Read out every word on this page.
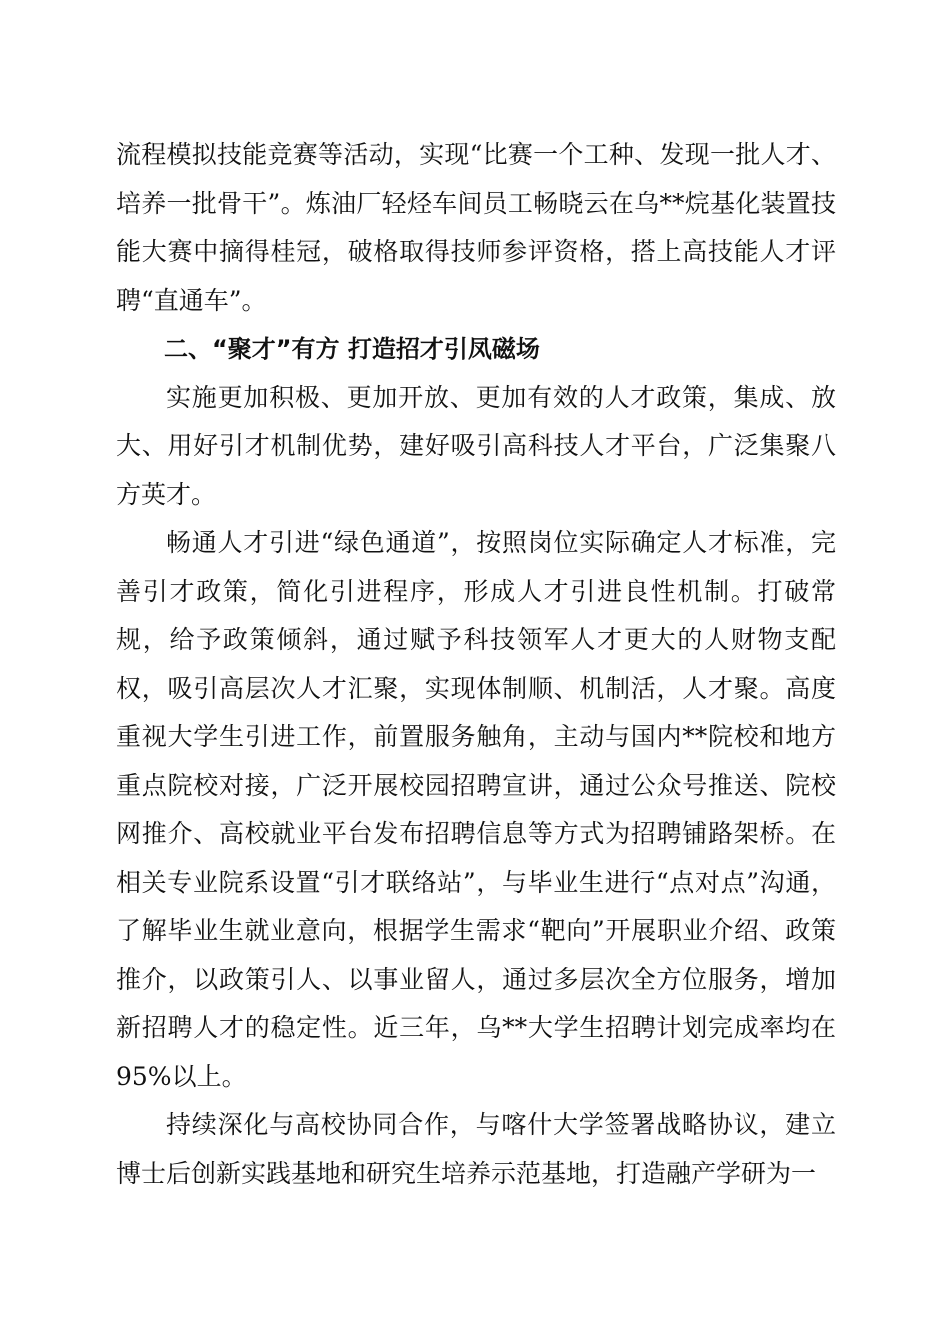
流程模拟技能竞赛等活动，实现“比赛一个工种、发现一批人才、培养一批骨干”。炼油厂轻烃车间员工畅晓云在乌**烷基化装置技能大赛中摘得桂冠，破格取得技师参评资格，搭上高技能人才评聘“直通车”。

二、“聚才”有方 打造招才引凤磁场

实施更加积极、更加开放、更加有效的人才政策，集成、放大、用好引才机制优势，建好吸引高科技人才平台，广泛集聚八方英才。

畅通人才引进“绿色通道”，按照岗位实际确定人才标准，完善引才政策，简化引进程序，形成人才引进良性机制。打破常规，给予政策倾斜，通过赋予科技领军人才更大的人财物支配权，吸引高层次人才汇聚，实现体制顺、机制活，人才聚。高度重视大学生引进工作，前置服务触角，主动与国内**院校和地方重点院校对接，广泛开展校园招聘宣讲，通过公众号推送、院校网推介、高校就业平台发布招聘信息等方式为招聘铺路架桥。在相关专业院系设置“引才联络站”，与毕业生进行“点对点”沟通，了解毕业生就业意向，根据学生需求“靶向”开展职业介绍、政策推介，以政策引人、以事业留人，通过多层次全方位服务，增加新招聘人才的稳定性。近三年，乌**大学生招聘计划完成率均在95%以上。

持续深化与高校协同合作，与喀什大学签署战略协议，建立博士后创新实践基地和研究生培养示范基地，打造融产学研为一
